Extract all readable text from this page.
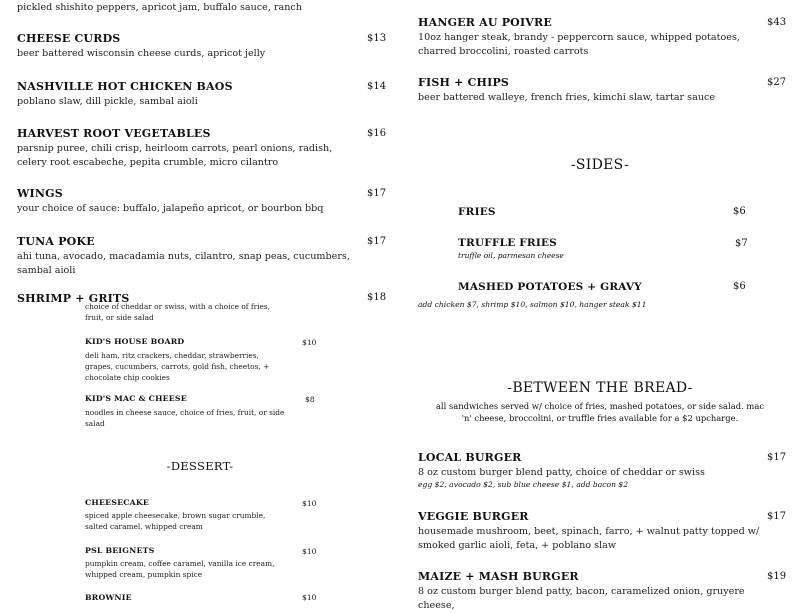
pickled shishito peppers, apricot jam, buffalo sauce, ranch
CHEESE CURDS	$13
beer battered wisconsin cheese curds, apricot jelly
NASHVILLE HOT CHICKEN BAOS	$14
poblano slaw, dill pickle, sambal aioli
HARVEST ROOT VEGETABLES	$16
parsnip puree, chili crisp, heirloom carrots, pearl onions, radish, celery root escabeche, pepita crumble, micro cilantro
WINGS	$17
your choice of sauce: buffalo, jalapeño apricot, or bourbon bbq
TUNA POKE	$17
ahi tuna, avocado, macadamia nuts, cilantro, snap peas, cucumbers, sambal aioli
SHRIMP + GRITS	$18
choice of cheddar or swiss, with a choice of fries, fruit, or side salad
KID'S HOUSE BOARD	$10
deli ham, ritz crackers, cheddar, strawberries, grapes, cucumbers, carrots, gold fish, cheetos, + chocolate chip cookies
KID'S MAC & CHEESE	$8
noodles in cheese sauce, choice of fries, fruit, or side salad
-DESSERT-
CHEESECAKE	$10
spiced apple cheesecake, brown sugar crumble, salted caramel, whipped cream
PSL BEIGNETS	$10
pumpkin cream, coffee caramel, vanilla ice cream, whipped cream, pumpkin spice
BROWNIE	$10
HANGER AU POIVRE	$43
10oz hanger steak, brandy - peppercorn sauce, whipped potatoes, charred broccolini, roasted carrots
FISH + CHIPS	$27
beer battered walleye, french fries, kimchi slaw, tartar sauce
-SIDES-
FRIES	$6
TRUFFLE FRIES	$7
truffle oil, parmesan cheese
MASHED POTATOES + GRAVY	$6
add chicken $7, shrimp $10, salmon $10, hanger steak $11
-BETWEEN THE BREAD-
all sandwiches served w/ choice of fries, mashed potatoes, or side salad. mac 'n' cheese, broccolini, or truffle fries available for a $2 upcharge.
LOCAL BURGER	$17
8 oz custom burger blend patty, choice of cheddar or swiss
egg $2, avocado $2, sub blue cheese $1, add bacon $2
VEGGIE BURGER	$17
housemade mushroom, beet, spinach, farro, + walnut patty topped w/ smoked garlic aioli, feta, + poblano slaw
MAIZE + MASH BURGER	$19
8 oz custom burger blend patty, bacon, caramelized onion, gruyere cheese,
